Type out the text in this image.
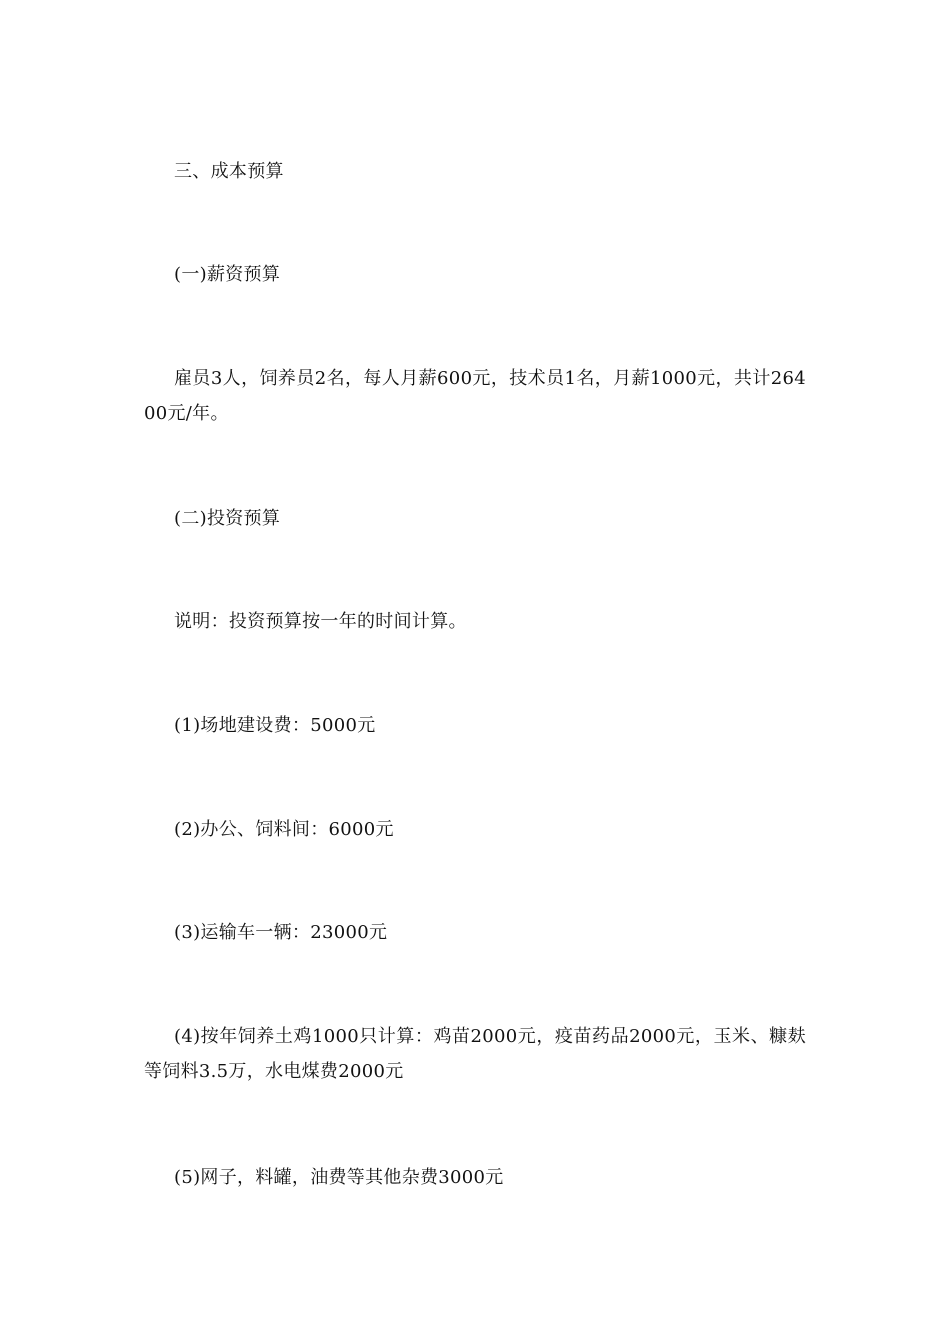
三、成本预算

(一)薪资预算

雇员3人，饲养员2名，每人月薪600元，技术员1名，月薪1000元，共计26400元/年。

(二)投资预算

说明：投资预算按一年的时间计算。

(1)场地建设费：5000元

(2)办公、饲料间：6000元

(3)运输车一辆：23000元

(4)按年饲养土鸡1000只计算：鸡苗2000元，疫苗药品2000元，玉米、糠麸等饲料3.5万，水电煤费2000元

(5)网子，料罐，油费等其他杂费3000元
